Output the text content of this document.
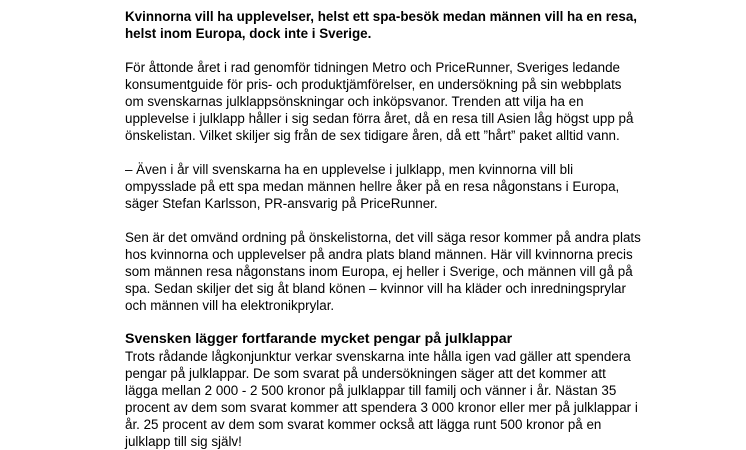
Kvinnorna vill ha upplevelser, helst ett spa-besök medan männen vill ha en resa,
helst inom Europa, dock inte i Sverige.
För åttonde året i rad genomför tidningen Metro och PriceRunner, Sveriges ledande
konsumentguide för pris- och produktjämförelser, en undersökning på sin webbplats
om svenskarnas julklappsönskningar och inköpsvanor. Trenden att vilja ha en
upplevelse i julklapp håller i sig sedan förra året, då en resa till Asien låg högst upp på
önskelistan. Vilket skiljer sig från de sex tidigare åren, då ett ”hårt” paket alltid vann.
– Även i år vill svenskarna ha en upplevelse i julklapp, men kvinnorna vill bli
ompysslade på ett spa medan männen hellre åker på en resa någonstans i Europa,
säger Stefan Karlsson, PR-ansvarig på PriceRunner.
Sen är det omvänd ordning på önskelistorna, det vill säga resor kommer på andra plats
hos kvinnorna och upplevelser på andra plats bland männen. Här vill kvinnorna precis
som männen resa någonstans inom Europa, ej heller i Sverige, och männen vill gå på
spa. Sedan skiljer det sig åt bland könen – kvinnor vill ha kläder och inredningsprylar
och männen vill ha elektronikprylar.
Svensken lägger fortfarande mycket pengar på julklappar
Trots rådande lågkonjunktur verkar svenskarna inte hålla igen vad gäller att spendera
pengar på julklappar. De som svarat på undersökningen säger att det kommer att
lägga mellan 2 000 - 2 500 kronor på julklappar till familj och vänner i år. Nästan 35
procent av dem som svarat kommer att spendera 3 000 kronor eller mer på julklappar i
år. 25 procent av dem som svarat kommer också att lägga runt 500 kronor på en
julklapp till sig själv!
